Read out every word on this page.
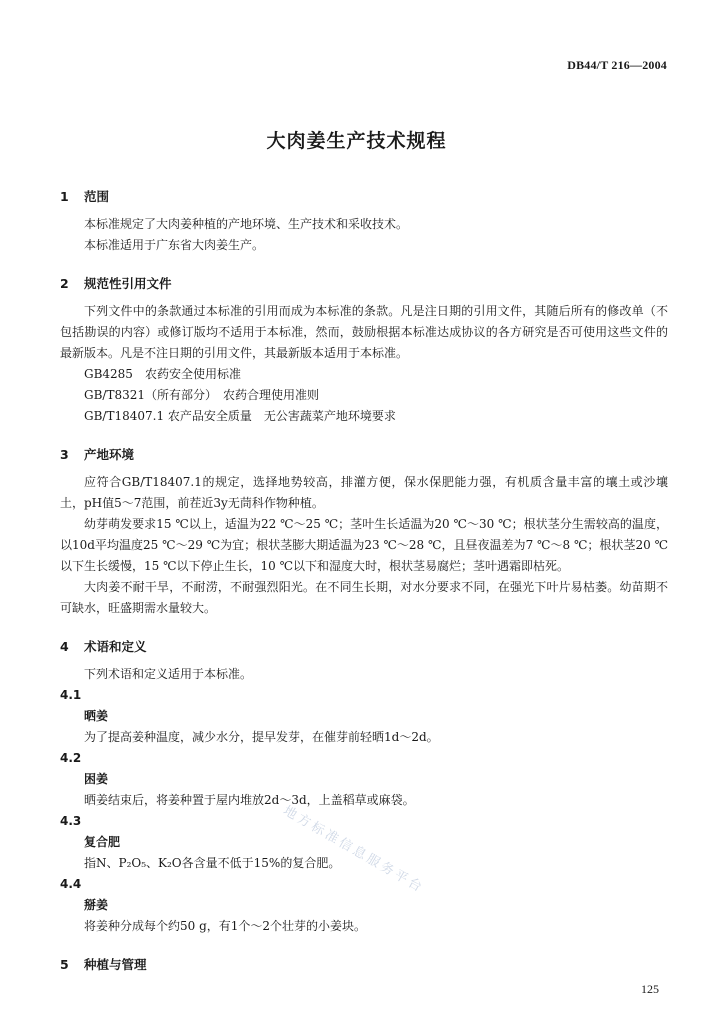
DB44/T 216—2004
大肉姜生产技术规程
1	范围
本标准规定了大肉姜种植的产地环境、生产技术和采收技术。
本标准适用于广东省大肉姜生产。
2	规范性引用文件
下列文件中的条款通过本标准的引用而成为本标准的条款。凡是注日期的引用文件，其随后所有的修改单（不包括勘误的内容）或修订版均不适用于本标准，然而，鼓励根据本标准达成协议的各方研究是否可使用这些文件的最新版本。凡是不注日期的引用文件，其最新版本适用于本标准。
GB4285　农药安全使用标准
GB/T8321（所有部分）　农药合理使用准则
GB/T18407.1 农产品安全质量　无公害蔬菜产地环境要求
3	产地环境
应符合GB/T18407.1的规定，选择地势较高，排灌方便，保水保肥能力强，有机质含量丰富的壤土或沙壤土，pH值5～7范围，前茬近3y无茼科作物种植。
幼芽萌发要求15 ℃以上，适温为22 ℃～25 ℃；茎叶生长适温为20 ℃～30 ℃；根状茎分生需较高的温度，以10d平均温度25 ℃～29 ℃为宜；根状茎膨大期适温为23 ℃～28 ℃，且昼夜温差为7 ℃～8 ℃；根状茎20 ℃以下生长缓慢，15 ℃以下停止生长，10 ℃以下和湿度大时，根状茎易腐烂；茎叶遇霜即枯死。
大肉姜不耐干旱，不耐涝，不耐强烈阳光。在不同生长期，对水分要求不同，在强光下叶片易枯萎。幼苗期不可缺水，旺盛期需水量较大。
4	术语和定义
下列术语和定义适用于本标准。
4.1
晒姜
为了提高姜种温度，减少水分，提早发芽，在催芽前轻晒1d～2d。
4.2
困姜
晒姜结束后，将姜种置于屋内堆放2d～3d，上盖稻草或麻袋。
4.3
复合肥
指N、P₂O₅、K₂O各含量不低于15%的复合肥。
4.4
掰姜
将姜种分成每个约50 g，有1个～2个壮芽的小姜块。
5	种植与管理
地方标准信息服务平台
125
